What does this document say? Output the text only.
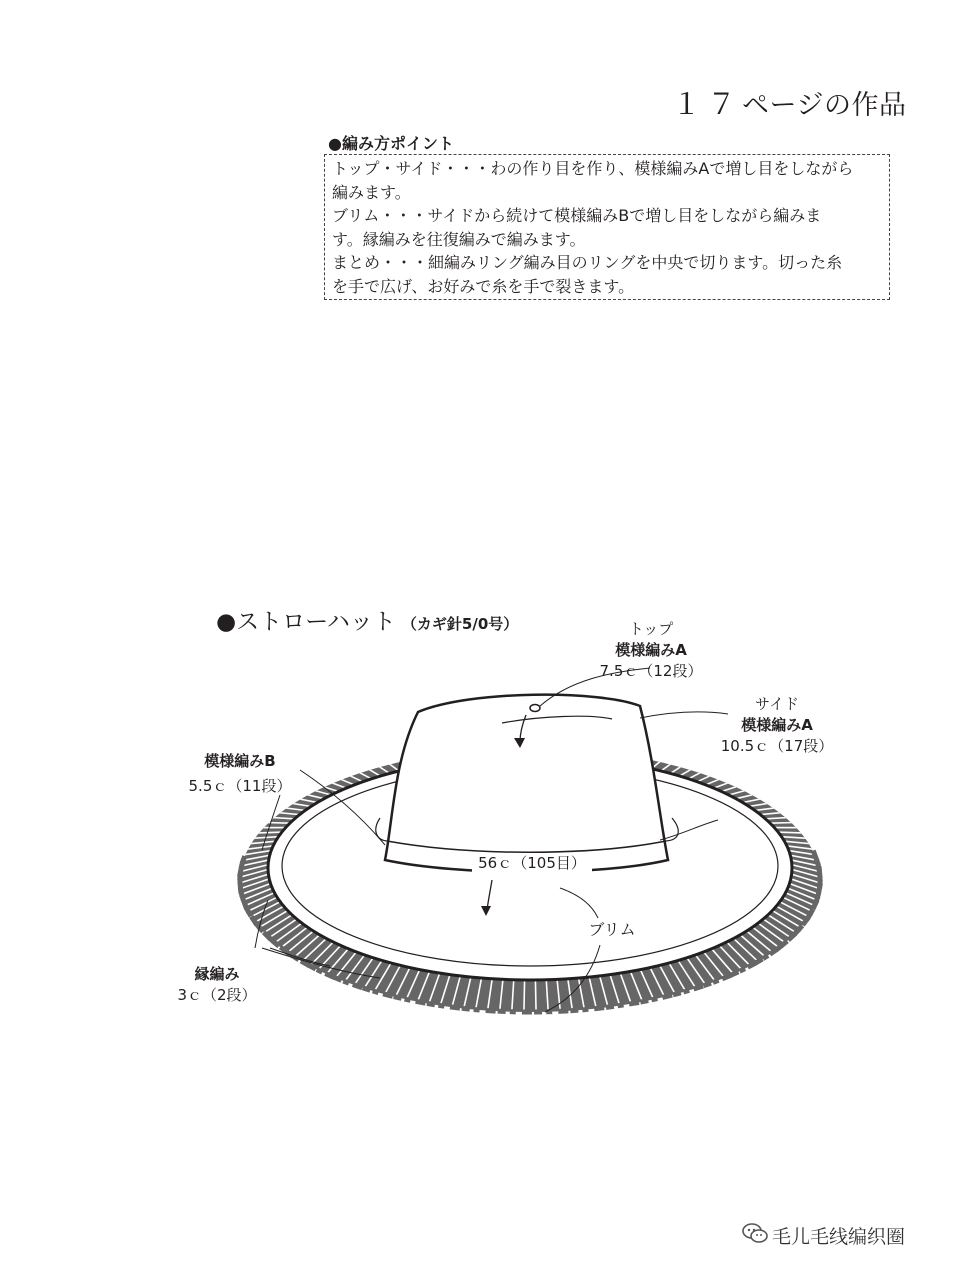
１７ページの作品
●編み方ポイント

トップ・サイド・・・わの作り目を作り、模様編みAで増し目をしながら

編みます。

ブリム・・・サイドから続けて模様編みBで増し目をしながら編みま

す。縁編みを往復編みで編みます。

まとめ・・・細編みリング編み目のリングを中央で切ります。切った糸

を手で広げ、お好みで糸を手で裂きます。

●ストローハット （カギ針5/0号）	トップ
模様編みA
7.5ｃ（12段）
サイド
模様編みA
10.5ｃ（17段）
模様編みB
5.5ｃ（11段）
56ｃ（105目）
ブリム
縁編み
3ｃ（2段）
毛儿毛线编织圈
